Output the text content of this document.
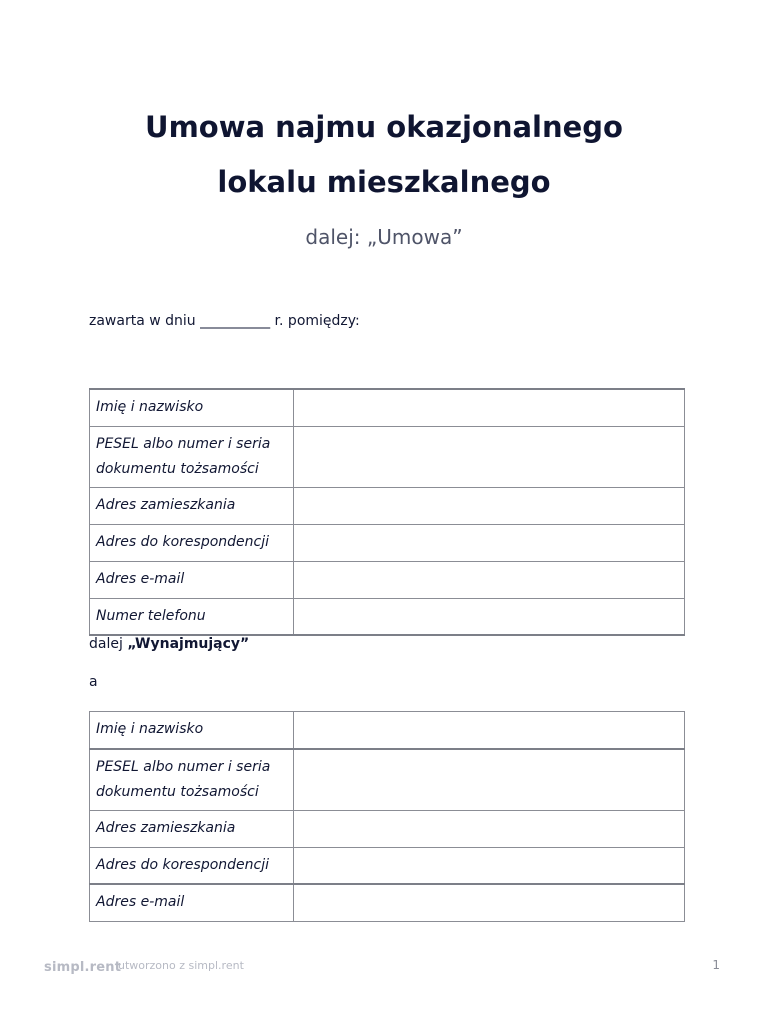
Umowa najmu okazjonalnego
lokalu mieszkalnego
dalej: „Umowa”
zawarta w dniu __________ r. pomiędzy:
Imię i nazwisko	
PESEL albo numer i seria dokumentu tożsamości	
Adres zamieszkania	
Adres do korespondencji	
Adres e-mail	
Numer telefonu	
dalej „Wynajmujący”
a
Imię i nazwisko	
PESEL albo numer i seria dokumentu tożsamości	
Adres zamieszkania	
Adres do korespondencji	
Adres e-mail	
simpl.rent
utworzono z simpl.rent	1
